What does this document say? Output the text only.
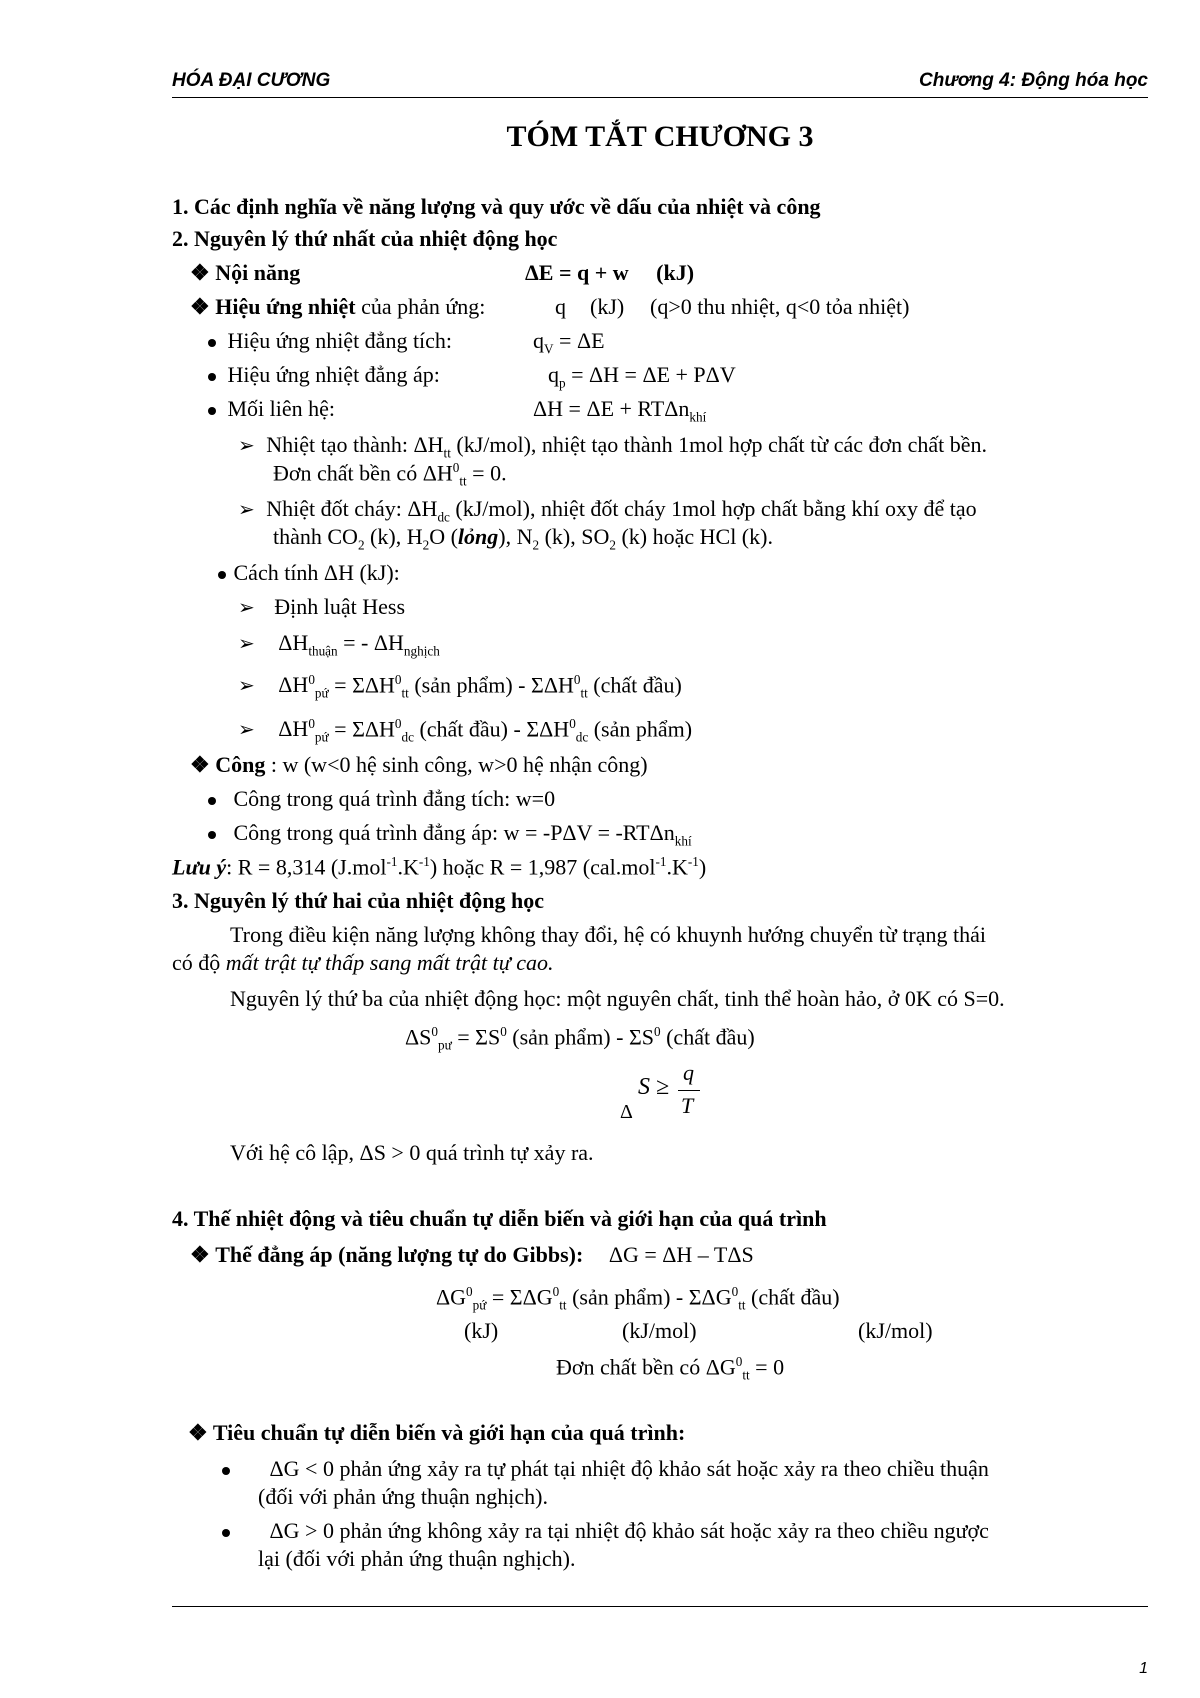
HÓA ĐẠI CƯƠNG	Chương 4: Động hóa học
TÓM TẮT CHƯƠNG 3
1. Các định nghĩa về năng lượng và quy ước về dấu của nhiệt và công
2. Nguyên lý thứ nhất của nhiệt động học
❖ Nội năng	ΔE = q + w (kJ)
❖ Hiệu ứng nhiệt của phản ứng:	q (kJ) (q>0 thu nhiệt, q<0 tỏa nhiệt)
Hiệu ứng nhiệt đẳng tích:	$q_V = \Delta E$
Hiệu ứng nhiệt đẳng áp:	$q_p = \Delta H = \Delta E + P\Delta V$
Mối liên hệ:	ΔH = ΔE + RTΔn$_{khí}$
➢ Nhiệt tạo thành: $\Delta H_{tt}$ (kJ/mol), nhiệt tạo thành 1mol hợp chất từ các đơn chất bền.
Đơn chất bền có $\Delta H^0_{tt} = 0$.
➢ Nhiệt đốt cháy: $\Delta H_{dc}$ (kJ/mol), nhiệt đốt cháy 1mol hợp chất bằng khí oxy để tạo
thành $CO_2$ (k), $H_2O$ (lỏng), $N_2$ (k), $SO_2$ (k) hoặc HCl (k).
Cách tính ΔH (kJ):
➢ Định luật Hess
➢ $\Delta H_{thuận}$ = - $\Delta H_{nghịch}$
➢ $\Delta H^0_{pứ} = \Sigma\Delta H^0_{tt}$ (sản phẩm) - $\Sigma\Delta H^0_{tt}$ (chất đầu)
➢ $\Delta H^0_{pứ} = \Sigma\Delta H^0_{dc}$ (chất đầu) - $\Sigma\Delta H^0_{dc}$ (sản phẩm)
❖ Công : w (w<0 hệ sinh công, w>0 hệ nhận công)
Công trong quá trình đẳng tích: w=0
Công trong quá trình đẳng áp: w = -PΔV = -RTΔn$_{khí}$
Lưu ý: R = 8,314 $(J.mol^{-1}.K^{-1})$ hoặc R = 1,987 $(cal.mol^{-1}.K^{-1})$
3. Nguyên lý thứ hai của nhiệt động học
Trong điều kiện năng lượng không thay đổi, hệ có khuynh hướng chuyển từ trạng thái
có độ mất trật tự thấp sang mất trật tự cao.
Nguyên lý thứ ba của nhiệt động học: một nguyên chất, tinh thể hoàn hảo, ở 0K có S=0.
$\Delta S^0_{pư} = \Sigma S^0$ (sản phẩm) - $\Sigma S^0$ (chất đầu)
Δ
S ≥
q
T
Với hệ cô lập, ΔS > 0 quá trình tự xảy ra.
4. Thế nhiệt động và tiêu chuẩn tự diễn biến và giới hạn của quá trình
❖ Thế đẳng áp (năng lượng tự do Gibbs): ΔG = ΔH – TΔS
$\Delta G^0_{pứ} = \Sigma\Delta G^0_{tt}$ (sản phẩm) - $\Sigma\Delta G^0_{tt}$ (chất đầu)
(kJ)	(kJ/mol)	(kJ/mol)
Đơn chất bền có $\Delta G^0_{tt} = 0$
❖ Tiêu chuẩn tự diễn biến và giới hạn của quá trình:
ΔG < 0 phản ứng xảy ra tự phát tại nhiệt độ khảo sát hoặc xảy ra theo chiều thuận
(đối với phản ứng thuận nghịch).
ΔG > 0 phản ứng không xảy ra tại nhiệt độ khảo sát hoặc xảy ra theo chiều ngược
lại (đối với phản ứng thuận nghịch).
1
